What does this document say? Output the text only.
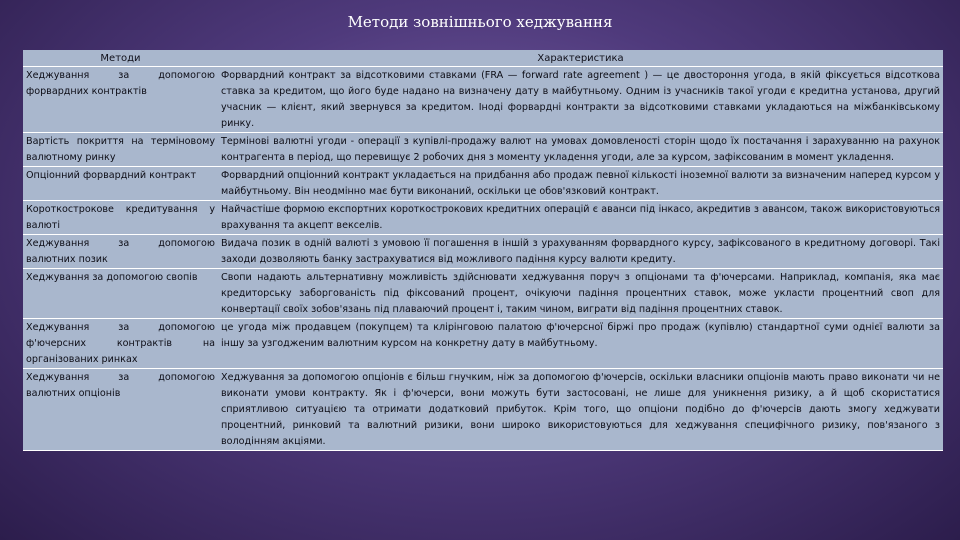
Методи зовнішнього хеджування
Методи	Характеристика
Хеджування за допомогою форвардних контрактів	Форвардний контракт за відсотковими ставками (FRA — forward rate agreement ) — це двостороння угода, в якій фіксується відсоткова ставка за кредитом, що його буде надано на визначену дату в майбутньому. Одним із учасників такої угоди є кредитна установа, другий учасник — клієнт, який звернувся за кредитом. Іноді форвардні контракти за відсотковими ставками укладаються на міжбанківському ринку.
Вартість покриття на терміновому валютному ринку	Термінові валютні угоди - операції з купівлі-продажу валют на умовах домовленості сторін щодо їх постачання і зарахуванню на рахунок контрагента в період, що перевищує 2 робочих дня з моменту укладення угоди, але за курсом, зафіксованим в момент укладення.
Опціонний форвардний контракт	Форвардний опціонний контракт укладається на придбання або продаж певної кількості іноземної валюти за визначеним наперед курсом у майбутньому. Він неодмінно має бути виконаний, оскільки це обов'язковий контракт.
Короткострокове кредитування у валюті	Найчастіше формою експортних короткострокових кредитних операцій є аванси під інкасо, акредитив з авансом, також використовуються врахування та акцепт векселів.
Хеджування за допомогою валютних позик	Видача позик в одній валюті з умовою її погашення в іншій з урахуванням форвардного курсу, зафіксованого в кредитному договорі. Такі заходи дозволяють банку застрахуватися від можливого падіння курсу валюти кредиту.
Хеджування за допомогою свопів	Свопи надають альтернативну можливість здійснювати хеджування поруч з опціонами та ф'ючерсами. Наприклад, компанія, яка має кредиторську заборгованість під фіксований процент, очікуючи падіння процентних ставок, може укласти процентний своп для конвертації своїх зобов'язань під плаваючий процент і, таким чином, виграти від падіння процентних ставок.
Хеджування за допомогою ф'ючерсних контрактів на організованих ринках	це угода між продавцем (покупцем) та клірінговою палатою ф'ючерсної біржі про продаж (купівлю) стандартної суми однієї валюти за іншу за узгодженим валютним курсом на конкретну дату в майбутньому.
Хеджування за допомогою валютних опціонів	Хеджування за допомогою опціонів є більш гнучким, ніж за допомогою ф'ючерсів, оскільки власники опціонів мають право виконати чи не виконати умови контракту. Як і ф'ючерси, вони можуть бути застосовані, не лише для уникнення ризику, а й щоб скористатися сприятливою ситуацією та отримати додатковий прибуток. Крім того, що опціони подібно до ф'ючерсів дають змогу хеджувати процентний, ринковий та валютний ризики, вони широко використовуються для хеджування специфічного ризику, пов'язаного з володінням акціями.
